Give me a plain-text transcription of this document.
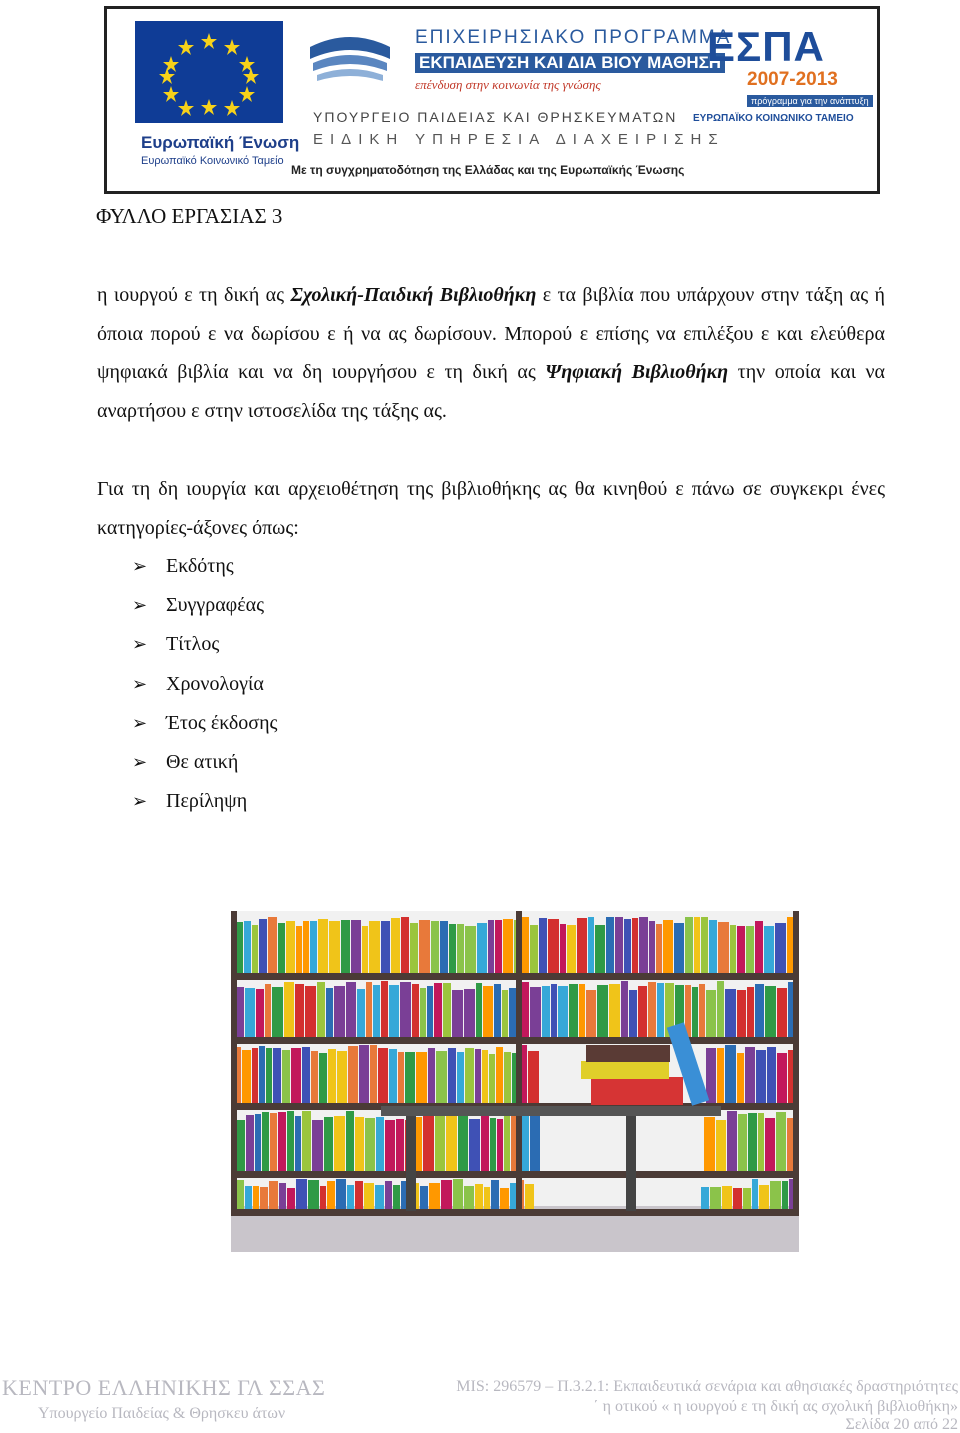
Ευρωπαϊκή Ένωση
Ευρωπαϊκό Κοινωνικό Ταμείο
ΕΠΙΧΕΙΡΗΣΙΑΚΟ ΠΡΟΓΡΑΜΜΑ
ΕΚΠΑΙΔΕΥΣΗ ΚΑΙ ΔΙΑ ΒΙΟΥ ΜΑΘΗΣΗ
επένδυση στην κοινωνία της γνώσης
ΥΠΟΥΡΓΕΙΟ ΠΑΙΔΕΙΑΣ ΚΑΙ ΘΡΗΣΚΕΥΜΑΤΩΝ
ΕΙΔΙΚΗ ΥΠΗΡΕΣΙΑ ΔΙΑΧΕΙΡΙΣΗΣ
Με τη συγχρηματοδότηση της Ελλάδας και της Ευρωπαϊκής Ένωσης
ΕΣΠΑ
2007-2013
πρόγραμμα για την ανάπτυξη
ΕΥΡΩΠΑΪΚΟ ΚΟΙΝΩΝΙΚΟ ΤΑΜΕΙΟ
ΦΥΛΛΟ ΕΡΓΑΣΙΑΣ 3
η ιουργού ε τη δική ας Σχολική-Παιδική Βιβλιοθήκη ε τα βιβλία που υπάρχουν στην τάξη ας ή όποια πορού ε να δωρίσου ε ή να ας δωρίσουν. Μπορού ε επίσης να επιλέξου ε και ελεύθερα ψηφιακά βιβλία και να δη ιουργήσου ε τη δική ας Ψηφιακή Βιβλιοθήκη την οποία και να αναρτήσου ε στην ιστοσελίδα της τάξης ας.
Για τη δη ιουργία και αρχειοθέτηση της βιβλιοθήκης ας θα κινηθού ε πάνω σε συγκεκρι ένες κατηγορίες-άξονες όπως:
➢ Εκδότης
➢ Συγγραφέας
➢ Τίτλος
➢ Χρονολογία
➢ Έτος έκδοσης
➢ Θε ατική
➢ Περίληψη
ΚΕΝΤΡΟ ΕΛΛΗΝΙΚΗΣ ΓΛ ΣΣΑΣ
Υπουργείο Παιδείας & Θρησκευ άτων
MIS: 296579 – Π.3.2.1: Εκπαιδευτικά σενάρια και αθησιακές δραστηριότητες
΄ η οτικού « η ιουργού ε τη δική ας σχολική βιβλιοθήκη»
Σελίδα 20 από 22
